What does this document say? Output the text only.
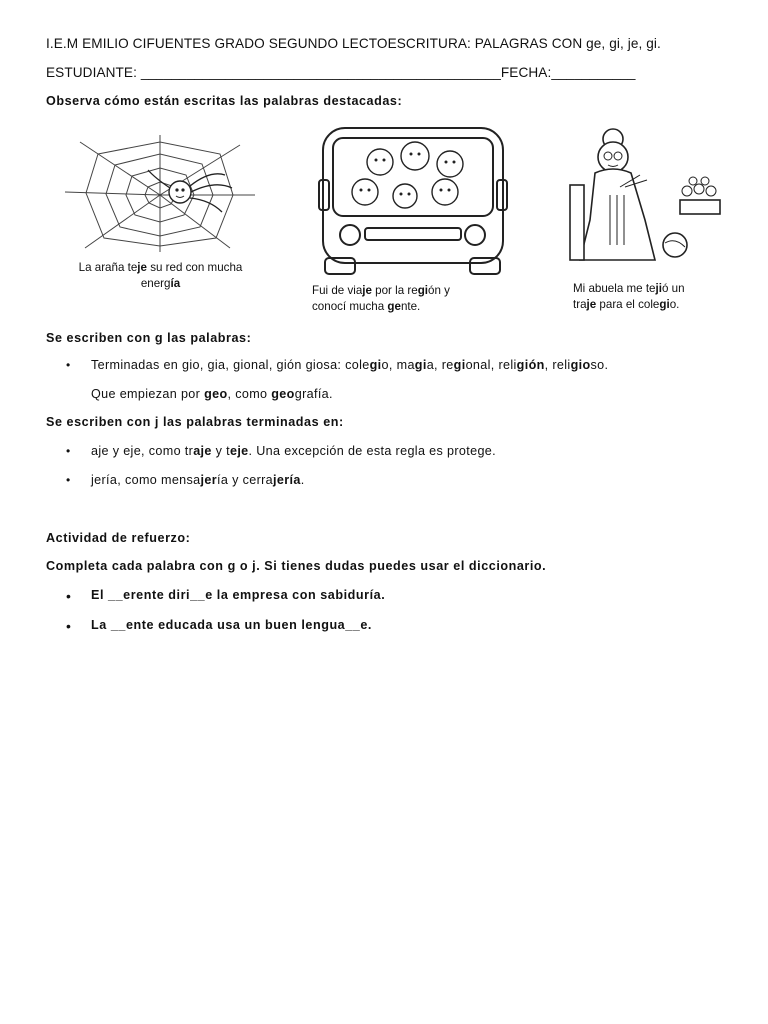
I.E.M EMILIO CIFUENTES GRADO SEGUNDO LECTOESCRITURA: PALAGRAS CON ge, gi, je, gi.
ESTUDIANTE: _______________________________________________FECHA:___________
Observa cómo están escritas las palabras destacadas:
La araña teje su red con mucha
energía
Fui de viaje por la región y
conocí mucha gente.
Mi abuela me tejió un
traje para el colegio.
Se escriben con g las palabras:
• Terminadas en gio, gia, gional, gión giosa: colegio, magia, regional, religión, religioso.
Que empiezan por geo, como geografía.
Se escriben con j las palabras terminadas en:
• aje y eje, como traje y teje. Una excepción de esta regla es protege.
• jería, como mensajería y cerrajería.
Actividad de refuerzo:
Completa cada palabra con g o j. Si tienes dudas puedes usar el diccionario.
• El __erente diri__e la empresa con sabiduría.
• La __ente educada usa un buen lengua__e.
